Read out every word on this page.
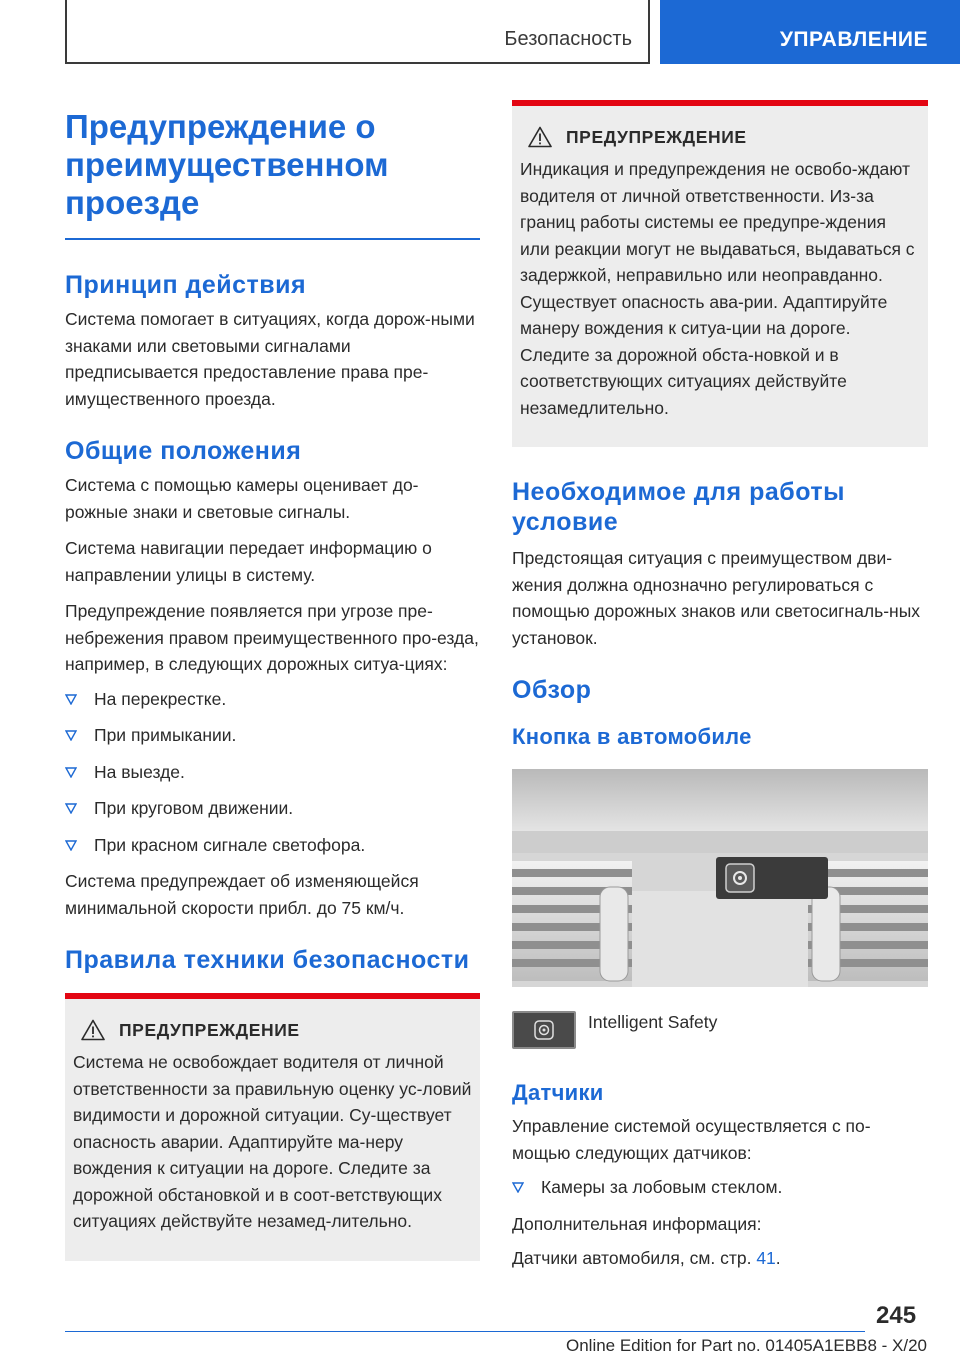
Безопасность	УПРАВЛЕНИЕ
Предупреждение о преимущественном проезде
Принцип действия

Система помогает в ситуациях, когда дорож-ными знаками или световыми сигналами предписывается предоставление права пре-имущественного проезда.

Общие положения

Система с помощью камеры оценивает до-рожные знаки и световые сигналы.

Система навигации передает информацию о направлении улицы в систему.

Предупреждение появляется при угрозе пре-небрежения правом преимущественного про-езда, например, в следующих дорожных ситуа-циях:

На перекрестке.
При примыкании.
На выезде.
При круговом движении.
При красном сигнале светофора.

Система предупреждает об изменяющейся минимальной скорости прибл. до 75 км/ч.

Правила техники безопасности
ПРЕДУПРЕЖДЕНИЕ

Система не освобождает водителя от личной ответственности за правильную оценку ус-ловий видимости и дорожной ситуации. Су-ществует опасность аварии. Адаптируйте ма-неру вождения к ситуации на дороге. Следите за дорожной обстановкой и в соот-ветствующих ситуациях действуйте незамед-лительно.

ПРЕДУПРЕЖДЕНИЕ

Индикация и предупреждения не освобо-ждают водителя от личной ответственности. Из-за границ работы системы ее предупре-ждения или реакции могут не выдаваться, выдаваться с задержкой, неправильно или неоправданно. Существует опасность ава-рии. Адаптируйте манеру вождения к ситуа-ции на дороге. Следите за дорожной обста-новкой и в соответствующих ситуациях действуйте незамедлительно.

Необходимое для работы условие

Предстоящая ситуация с преимуществом дви-жения должна однозначно регулироваться с помощью дорожных знаков или светосигналь-ных установок.

Обзор
Кнопка в автомобиле
Intelligent Safety
Датчики

Управление системой осуществляется с по-мощью следующих датчиков:

Камеры за лобовым стеклом.

Дополнительная информация:

Датчики автомобиля, см. стр. 41.

245
Online Edition for Part no. 01405A1EBB8 - X/20
